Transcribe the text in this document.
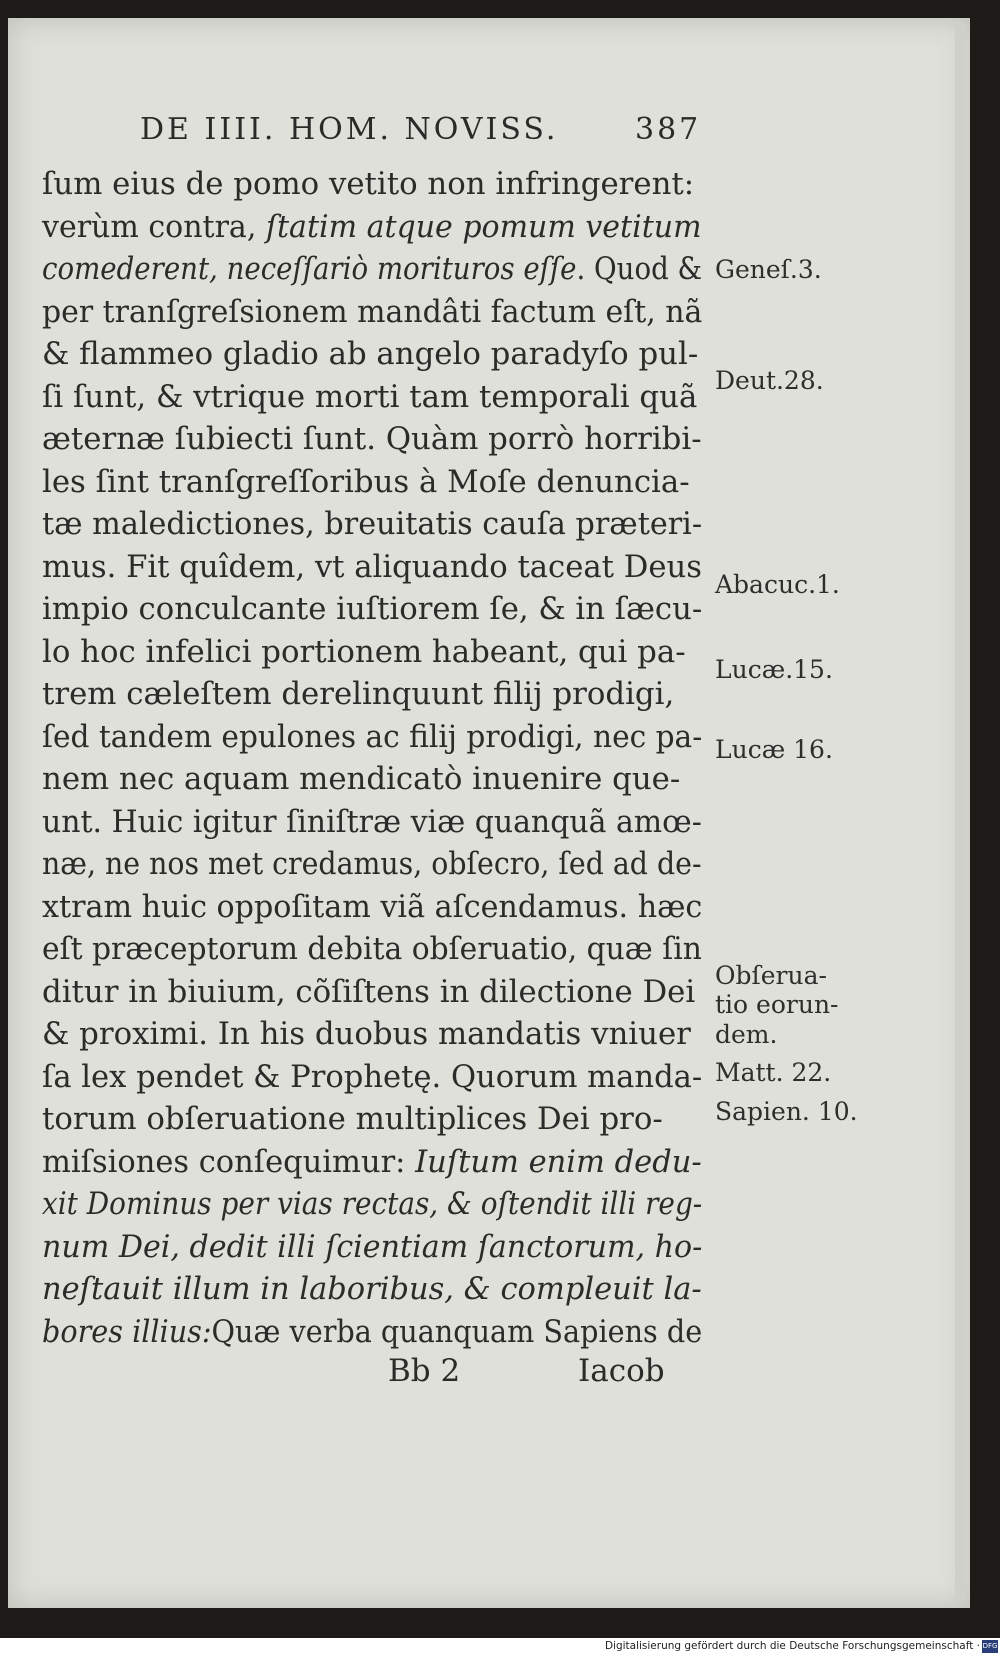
DE IIII. HOM. NOVISS.	387
ſum eius de pomo vetito non infringerent:
verùm contra, ſtatim atque pomum vetitum
comederent, neceſſariò morituros eſſe. Quod &
per tranſgreſsionem mandâti factum eſt, nã
& flammeo gladio ab angelo paradyſo pul-
ſi ſunt, & vtrique morti tam temporali quã
æternæ ſubiecti ſunt. Quàm porrò horribi-
les ſint tranſgreſſoribus à Moſe denuncia-
tæ maledictiones, breuitatis cauſa præteri-
mus. Fit quîdem, vt aliquando taceat Deus
impio conculcante iuſtiorem ſe, & in ſæcu-
lo hoc infelici portionem habeant, qui pa-
trem cæleſtem derelinquunt filij prodigi,
ſed tandem epulones ac filij prodigi, nec pa-
nem nec aquam mendicatò inuenire que-
unt. Huic igitur ſiniſtræ viæ quanquã amœ-
næ, ne nos met credamus, obſecro, ſed ad de-
xtram huic oppoſitam viã aſcendamus. hæc
eſt præceptorum debita obſeruatio, quæ ſin
ditur in biuium, cõſiſtens in dilectione Dei
& proximi. In his duobus mandatis vniuer
ſa lex pendet & Prophetę. Quorum manda-
torum obſeruatione multiplices Dei pro-
miſsiones conſequimur: Iuſtum enim dedu-
xit Dominus per vias rectas, & oſtendit illi reg-
num Dei, dedit illi ſcientiam ſanctorum, ho-
neſtauit illum in laboribus, & compleuit la-
bores illius:Quæ verba quanquam Sapiens de
Geneſ.3.
Deut.28.
Abacuc.1.
Lucæ.15.
Lucæ 16.
Obſerua-
tio eorun-
dem.
Matt. 22.
Sapien. 10.
Bb 2	Iacob
Digitalisierung gefördert durch die Deutsche Forschungsgemeinschaft · DFG
